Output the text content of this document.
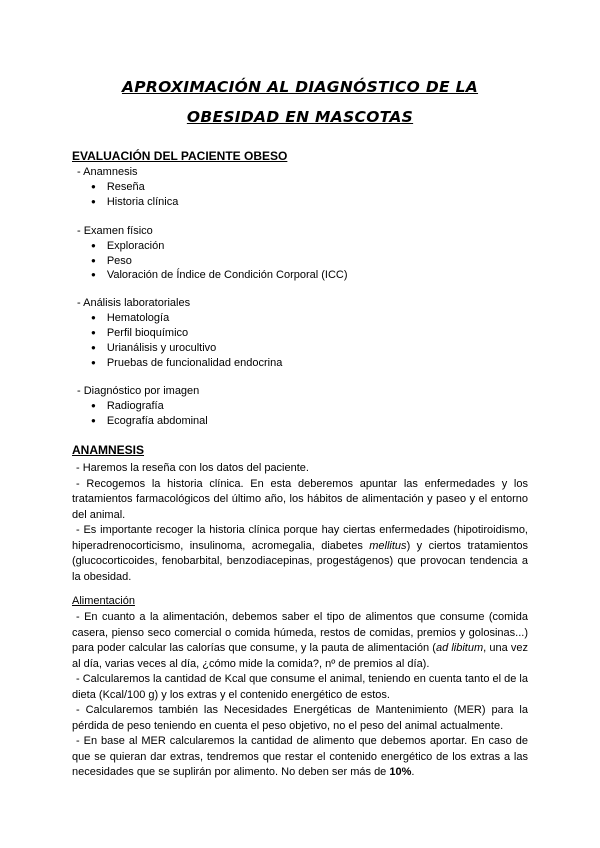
APROXIMACIÓN AL DIAGNÓSTICO DE LA
OBESIDAD EN MASCOTAS
EVALUACIÓN DEL PACIENTE OBESO
- Anamnesis
● Reseña
● Historia clínica
- Examen físico
● Exploración
● Peso
● Valoración de Índice de Condición Corporal (ICC)
- Análisis laboratoriales
● Hematología
● Perfil bioquímico
● Urianálisis y urocultivo
● Pruebas de funcionalidad endocrina
- Diagnóstico por imagen
● Radiografía
● Ecografía abdominal
ANAMNESIS

- Haremos la reseña con los datos del paciente.

- Recogemos la historia clínica. En esta deberemos apuntar las enfermedades y los tratamientos farmacológicos del último año, los hábitos de alimentación y paseo y el entorno del animal.

- Es importante recoger la historia clínica porque hay ciertas enfermedades (hipotiroidismo, hiperadrenocorticismo, insulinoma, acromegalia, diabetes mellitus) y ciertos tratamientos (glucocorticoides, fenobarbital, benzodiacepinas, progestágenos) que provocan tendencia a la obesidad.

Alimentación

- En cuanto a la alimentación, debemos saber el tipo de alimentos que consume (comida casera, pienso seco comercial o comida húmeda, restos de comidas, premios y golosinas...) para poder calcular las calorías que consume, y la pauta de alimentación (ad libitum, una vez al día, varias veces al día, ¿cómo mide la comida?, nº de premios al día).

- Calcularemos la cantidad de Kcal que consume el animal, teniendo en cuenta tanto el de la dieta (Kcal/100 g) y los extras y el contenido energético de estos.

- Calcularemos también las Necesidades Energéticas de Mantenimiento (MER) para la pérdida de peso teniendo en cuenta el peso objetivo, no el peso del animal actualmente.

- En base al MER calcularemos la cantidad de alimento que debemos aportar. En caso de que se quieran dar extras, tendremos que restar el contenido energético de los extras a las necesidades que se suplirán por alimento. No deben ser más de 10%.
